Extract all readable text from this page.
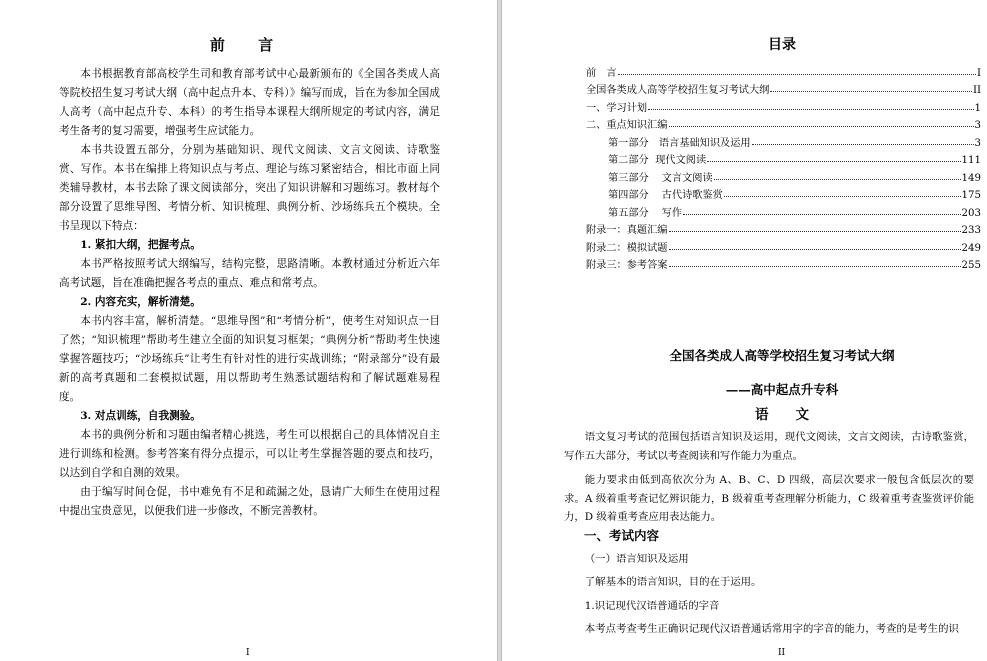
前 言

本书根据教育部高校学生司和教育部考试中心最新颁布的《全国各类成人高等院校招生复习考试大纲（高中起点升本、专科）》编写而成，旨在为参加全国成人高考（高中起点升专、本科）的考生指导本课程大纲所规定的考试内容，满足考生备考的复习需要，增强考生应试能力。

本书共设置五部分，分别为基础知识、现代文阅读、文言文阅读、诗歌鉴赏、写作。本书在编排上将知识点与考点、理论与练习紧密结合，相比市面上同类辅导教材，本书去除了课文阅读部分，突出了知识讲解和习题练习。教材每个部分设置了思维导图、考情分析、知识梳理、典例分析、沙场练兵五个模块。全书呈现以下特点：

1. 紧扣大纲，把握考点。

本书严格按照考试大纲编写，结构完整，思路清晰。本教材通过分析近六年高考试题，旨在准确把握各考点的重点、难点和常考点。

2. 内容充实，解析清楚。

本书内容丰富，解析清楚。“思维导图”和“考情分析”，使考生对知识点一目了然；“知识梳理”帮助考生建立全面的知识复习框架；“典例分析”帮助考生快速掌握答题技巧；“沙场练兵”让考生有针对性的进行实战训练；“附录部分”设有最新的高考真题和二套模拟试题，用以帮助考生熟悉试题结构和了解试题难易程度。

3. 对点训练，自我测验。

本书的典例分析和习题由编者精心挑选，考生可以根据自己的具体情况自主进行训练和检测。参考答案有得分点提示，可以让考生掌握答题的要点和技巧，以达到自学和自测的效果。

由于编写时间仓促，书中难免有不足和疏漏之处，恳请广大师生在使用过程中提出宝贵意见，以便我们进一步修改，不断完善教材。

I
目录
前　言	I
全国各类成人高等学校招生复习考试大纲	II
一、学习计划	1
二、重点知识汇编	3
第一部分　语言基础知识及运用	3
第二部分  现代文阅读	111
第三部分    文言文阅读	149
第四部分    古代诗歌鉴赏	175
第五部分    写作	203
附录一：真题汇编	233
附录二：模拟试题	249
附录三：参考答案	255
全国各类成人高等学校招生复习考试大纲
——高中起点升专科
语　　文

语文复习考试的范围包括语言知识及运用，现代文阅读，文言文阅读，古诗歌鉴赏，写作五大部分，考试以考查阅读和写作能力为重点。

能力要求由低到高依次分为 A、B、C、D 四级，高层次要求一般包含低层次的要求。A 级着重考查记忆辨识能力，B 级着重考查理解分析能力，C 级着重考查鉴赏评价能力，D 级着重考查应用表达能力。

一、考试内容

（一）语言知识及运用

了解基本的语言知识，目的在于运用。

1.识记现代汉语普通话的字音

本考点考查考生正确识记现代汉语普通话常用字的字音的能力，考查的是考生的识

II
